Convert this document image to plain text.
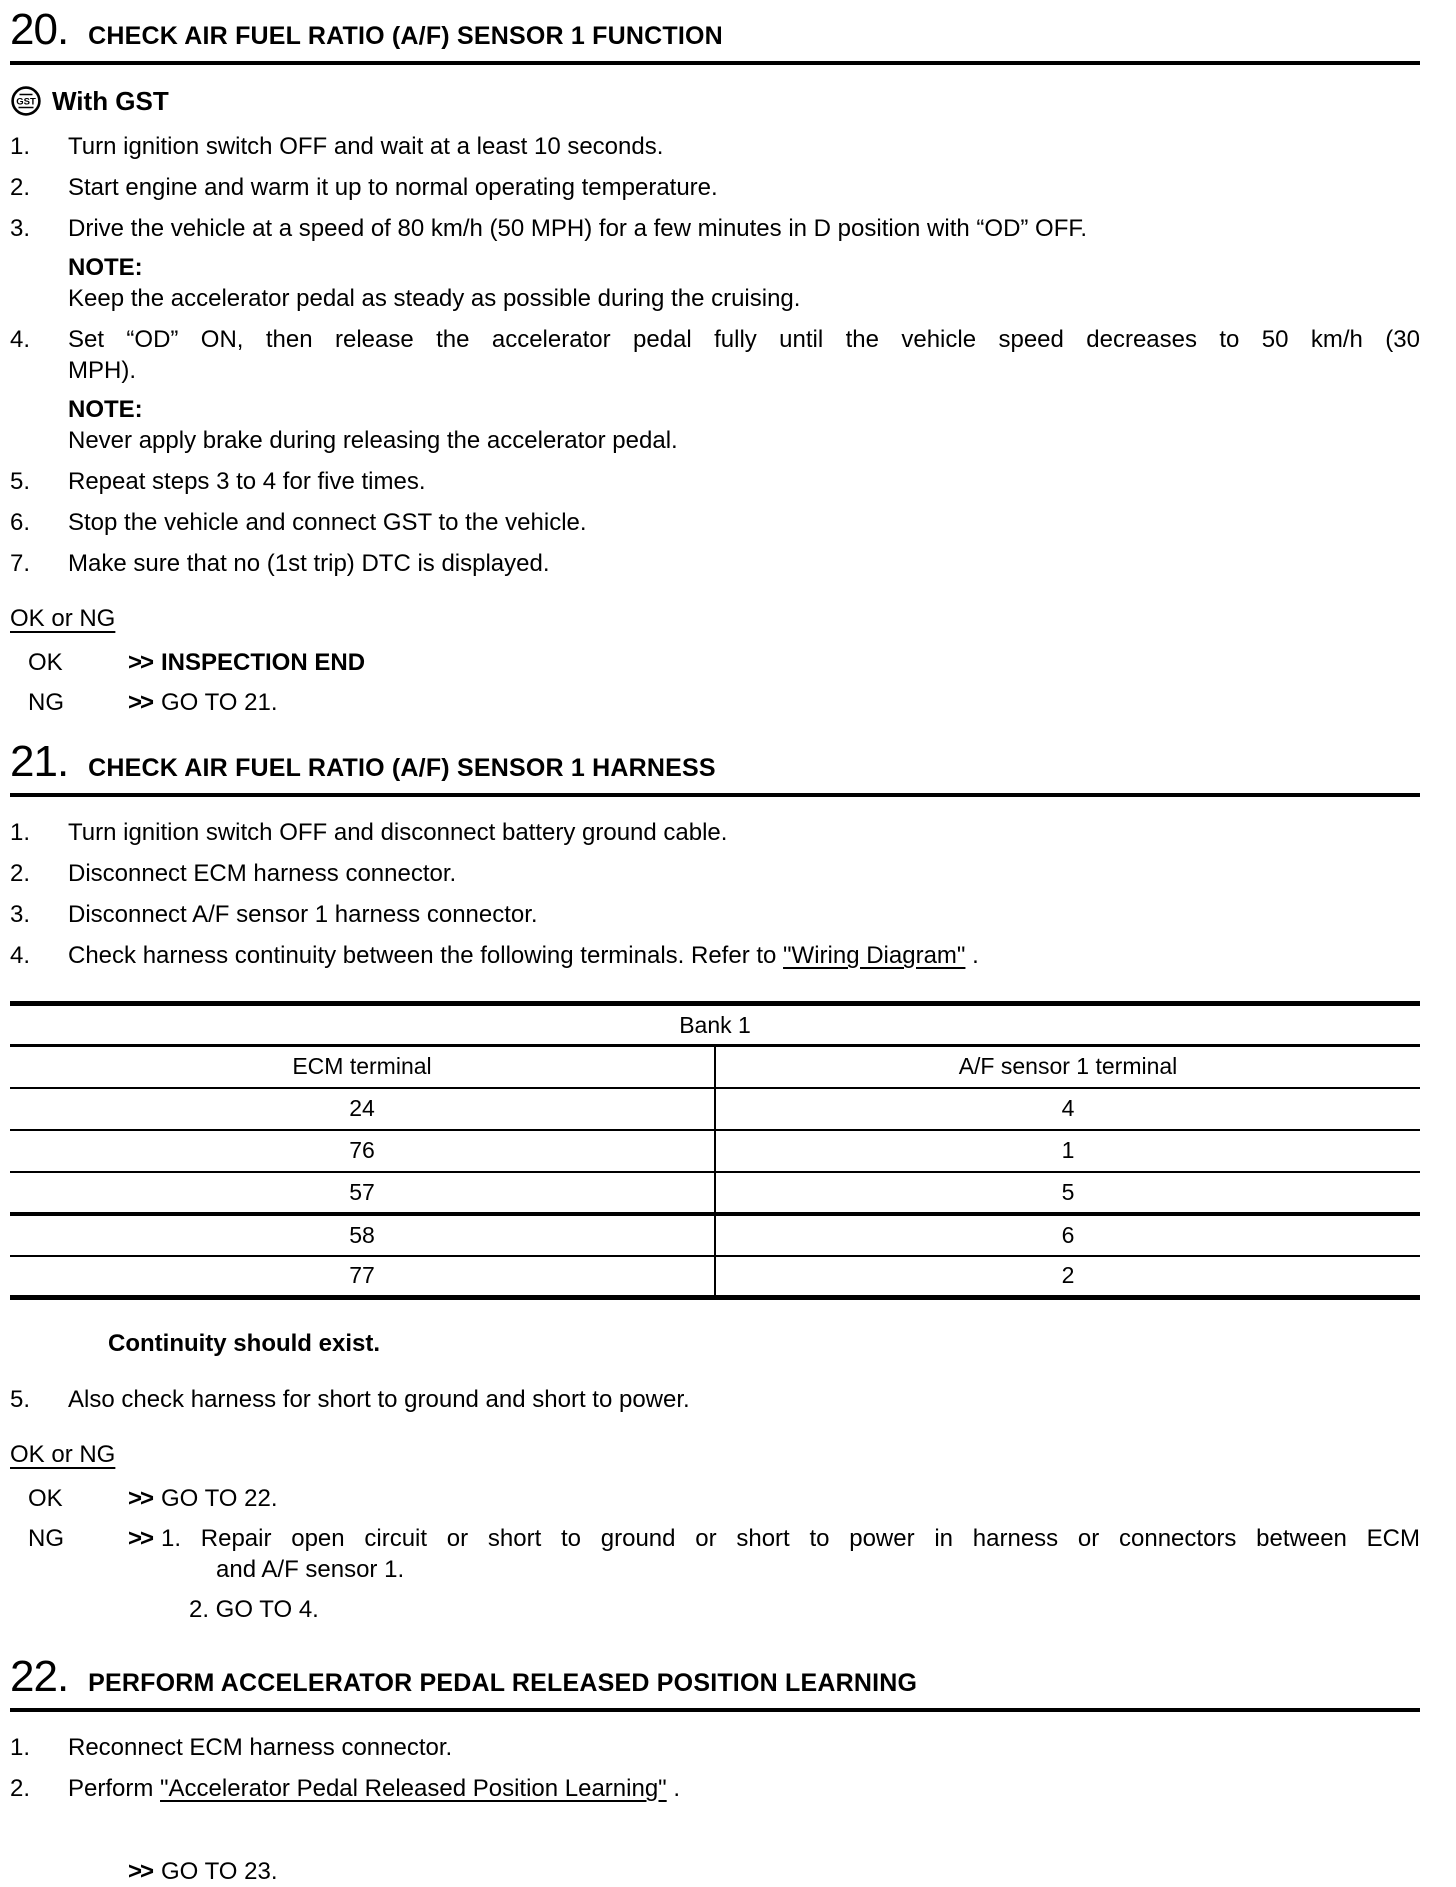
20. CHECK AIR FUEL RATIO (A/F) SENSOR 1 FUNCTION
GST With GST
1.	Turn ignition switch OFF and wait at a least 10 seconds.
2.	Start engine and warm it up to normal operating temperature.
3.	Drive the vehicle at a speed of 80 km/h (50 MPH) for a few minutes in D position with “OD” OFF.
NOTE:
Keep the accelerator pedal as steady as possible during the cruising.
4.	Set “OD” ON, then release the accelerator pedal fully until the vehicle speed decreases to 50 km/h (30
MPH).
NOTE:
Never apply brake during releasing the accelerator pedal.
5.	Repeat steps 3 to 4 for five times.
6.	Stop the vehicle and connect GST to the vehicle.
7.	Make sure that no (1st trip) DTC is displayed.
OK or NG
OK	>> INSPECTION END
NG	>> GO TO 21.
21. CHECK AIR FUEL RATIO (A/F) SENSOR 1 HARNESS
1.	Turn ignition switch OFF and disconnect battery ground cable.
2.	Disconnect ECM harness connector.
3.	Disconnect A/F sensor 1 harness connector.
4.	Check harness continuity between the following terminals. Refer to "Wiring Diagram" .
Bank 1	
ECM terminal	A/F sensor 1 terminal
24	4
76	1
57	5
58	6
77	2
Continuity should exist.
5.	Also check harness for short to ground and short to power.
OK or NG
OK	>> GO TO 22.
NG	>> 1. Repair open circuit or short to ground or short to power in harness or connectors between ECM
and A/F sensor 1.
2. GO TO 4.
22. PERFORM ACCELERATOR PEDAL RELEASED POSITION LEARNING
1.	Reconnect ECM harness connector.
2.	Perform "Accelerator Pedal Released Position Learning" .
>> GO TO 23.
